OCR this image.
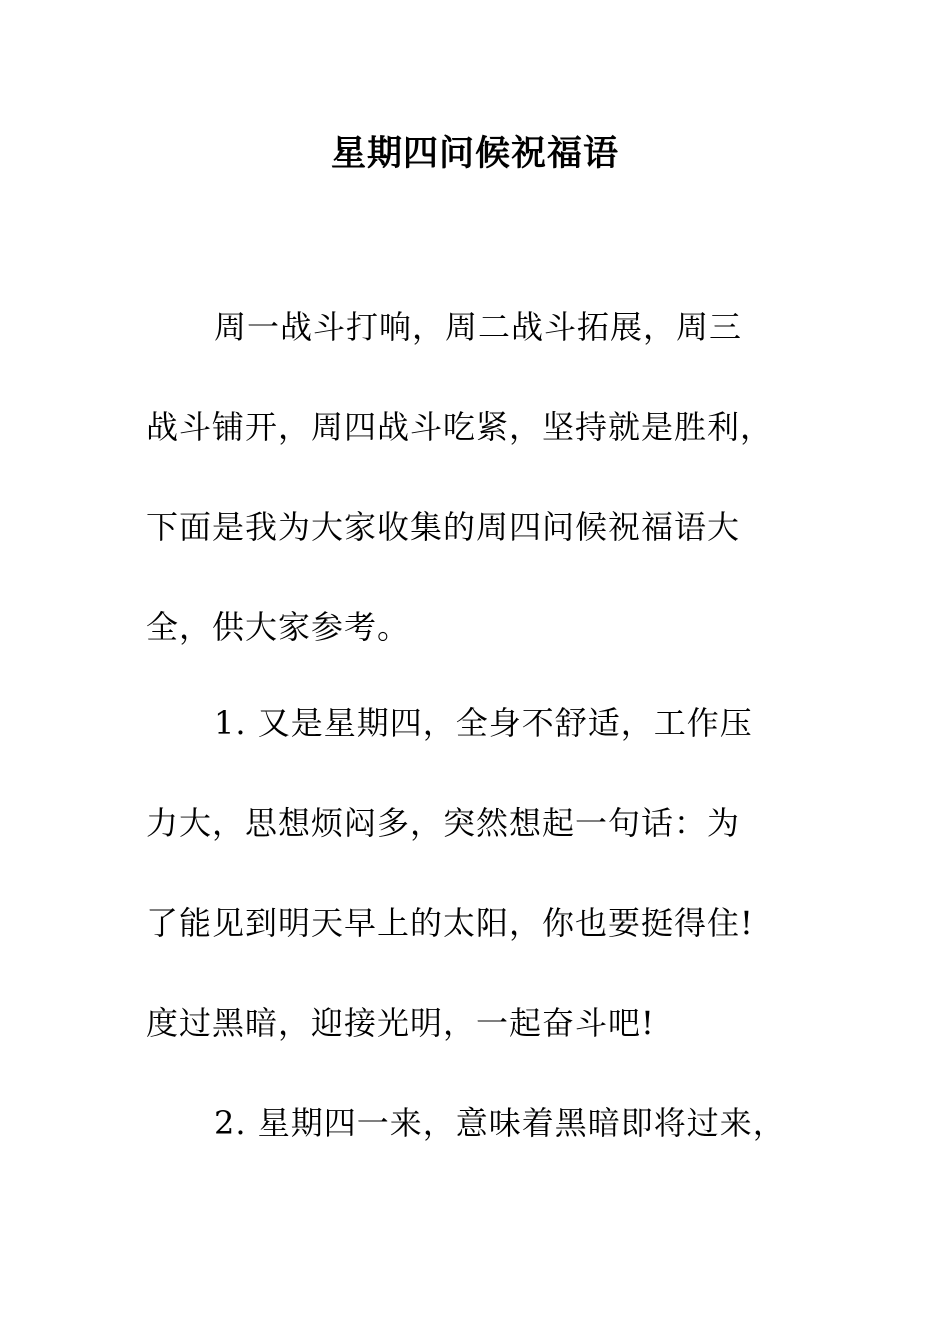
星期四问候祝福语
周一战斗打响，周二战斗拓展，周三
战斗铺开，周四战斗吃紧，坚持就是胜利，
下面是我为大家收集的周四问候祝福语大
全，供大家参考。
1. 又是星期四，全身不舒适，工作压
力大，思想烦闷多，突然想起一句话：为
了能见到明天早上的太阳，你也要挺得住!
度过黑暗，迎接光明，一起奋斗吧!
2. 星期四一来，意味着黑暗即将过来，
